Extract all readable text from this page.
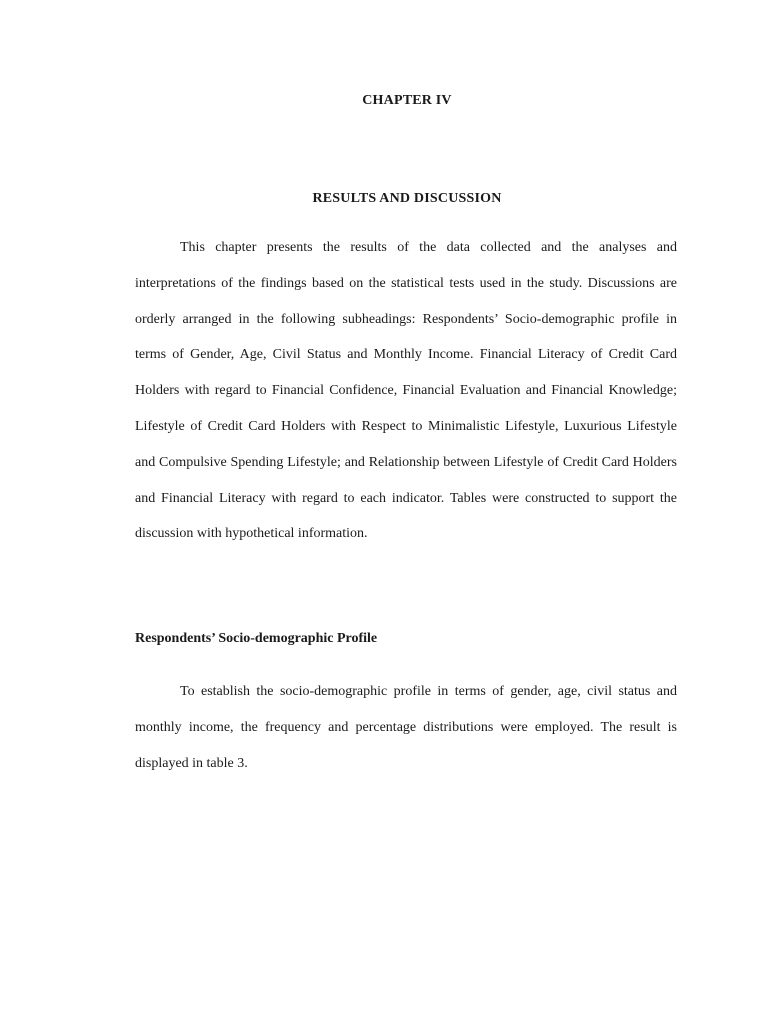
CHAPTER IV
RESULTS AND DISCUSSION

This chapter presents the results of the data collected and the analyses and interpretations of the findings based on the statistical tests used in the study. Discussions are orderly arranged in the following subheadings: Respondents’ Socio-demographic profile in terms of Gender, Age, Civil Status and Monthly Income. Financial Literacy of Credit Card Holders with regard to Financial Confidence, Financial Evaluation and Financial Knowledge; Lifestyle of Credit Card Holders with Respect to Minimalistic Lifestyle, Luxurious Lifestyle and Compulsive Spending Lifestyle; and Relationship between Lifestyle of Credit Card Holders and Financial Literacy with regard to each indicator. Tables were constructed to support the discussion with hypothetical information.

Respondents’ Socio-demographic Profile

To establish the socio-demographic profile in terms of gender, age, civil status and monthly income, the frequency and percentage distributions were employed. The result is displayed in table 3.
